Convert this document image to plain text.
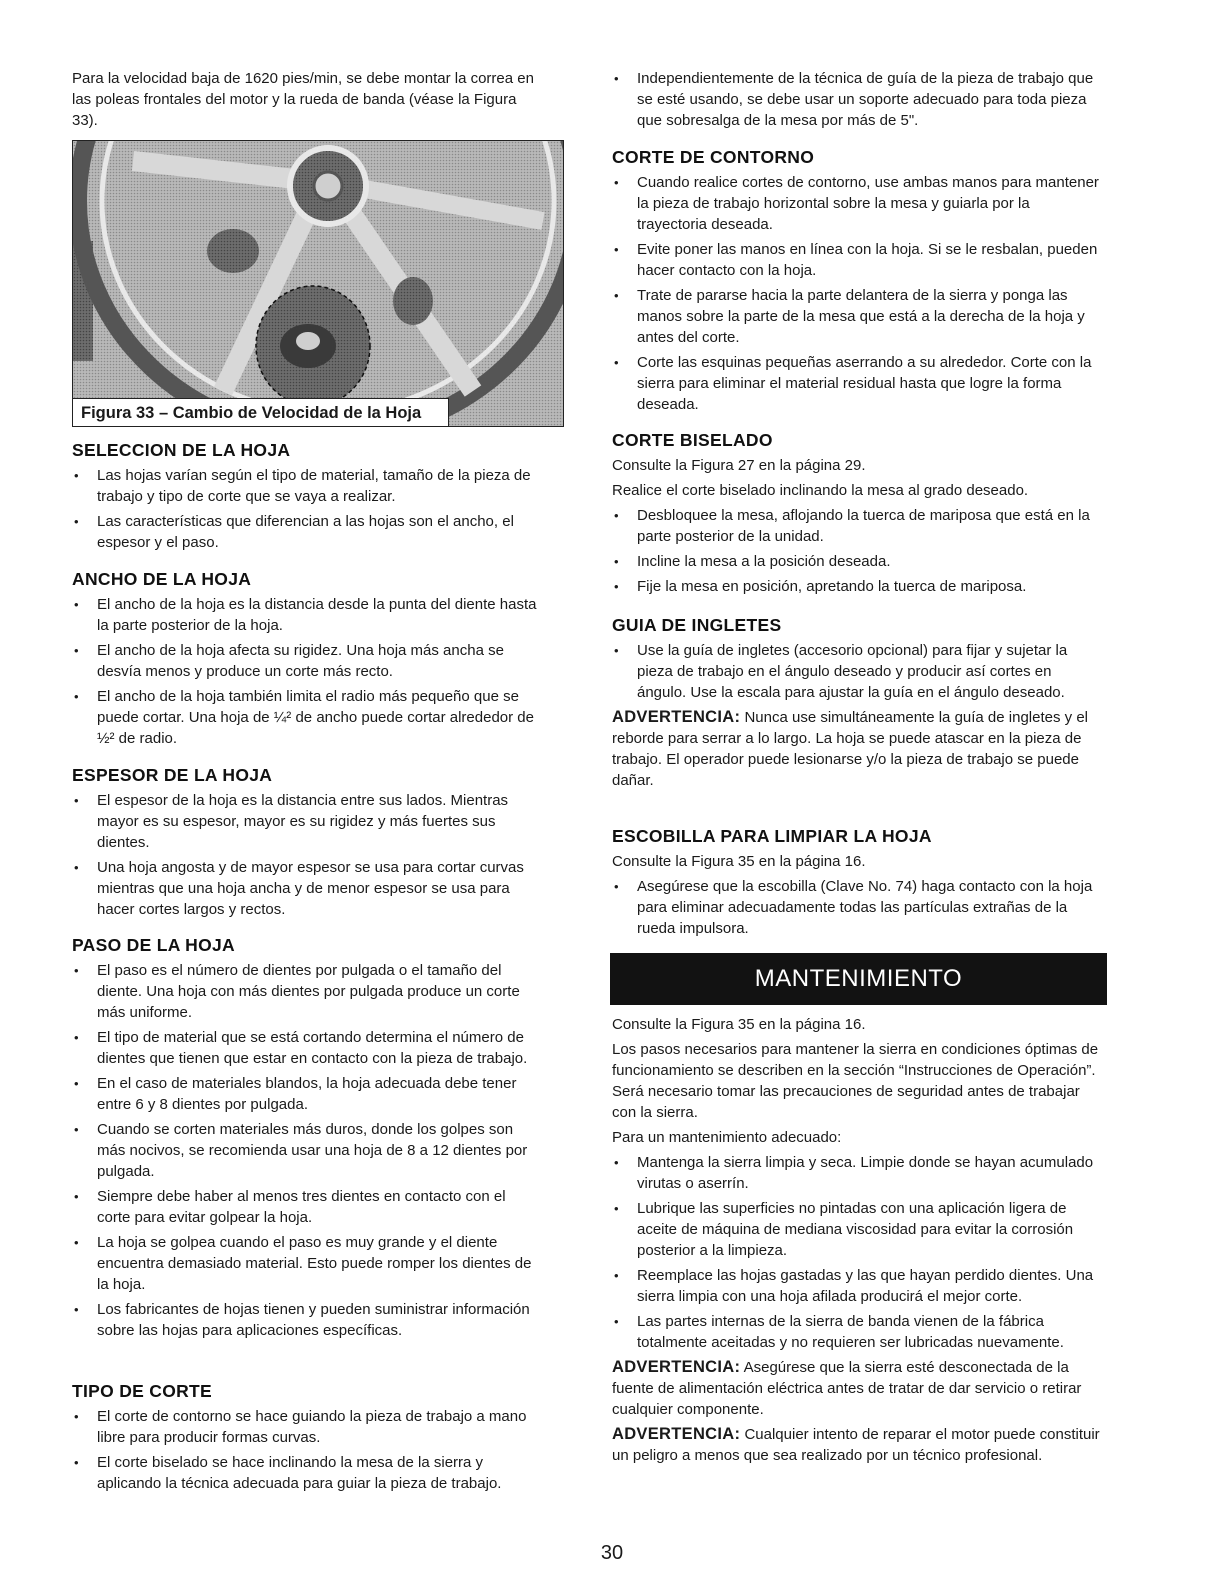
Para la velocidad baja de 1620 pies/min, se debe montar la correa en las poleas frontales del motor y la rueda de banda (véase la Figura 33).

Figura 33 – Cambio de Velocidad de la Hoja
SELECCION DE LA HOJA
• Las hojas varían según el tipo de material, tamaño de la pieza de trabajo y tipo de corte que se vaya a realizar.
• Las características que diferencian a las hojas son el ancho, el espesor y el paso.
ANCHO DE LA HOJA
• El ancho de la hoja es la distancia desde la punta del diente hasta la parte posterior de la hoja.
• El ancho de la hoja afecta su rigidez. Una hoja más ancha se desvía menos y produce un corte más recto.
• El ancho de la hoja también limita el radio más pequeño que se puede cortar. Una hoja de ¼² de ancho puede cortar alrededor de ½² de radio.
ESPESOR DE LA HOJA
• El espesor de la hoja es la distancia entre sus lados. Mientras mayor es su espesor, mayor es su rigidez y más fuertes sus dientes.
• Una hoja angosta y de mayor espesor se usa para cortar curvas mientras que una hoja ancha y de menor espesor se usa para hacer cortes largos y rectos.
PASO DE LA HOJA
• El paso es el número de dientes por pulgada o el tamaño del diente. Una hoja con más dientes por pulgada produce un corte más uniforme.
• El tipo de material que se está cortando determina el número de dientes que tienen que estar en contacto con la pieza de trabajo.
• En el caso de materiales blandos, la hoja adecuada debe tener entre 6 y 8 dientes por pulgada.
• Cuando se corten materiales más duros, donde los golpes son más nocivos, se recomienda usar una hoja de 8 a 12 dientes por pulgada.
• Siempre debe haber al menos tres dientes en contacto con el corte para evitar golpear la hoja.
• La hoja se golpea cuando el paso es muy grande y el diente encuentra demasiado material. Esto puede romper los dientes de la hoja.
• Los fabricantes de hojas tienen y pueden suministrar información sobre las hojas para aplicaciones específicas.
TIPO DE CORTE
• El corte de contorno se hace guiando la pieza de trabajo a mano libre para producir formas curvas.
• El corte biselado se hace inclinando la mesa de la sierra y aplicando la técnica adecuada para guiar la pieza de trabajo.
• Independientemente de la técnica de guía de la pieza de trabajo que se esté usando, se debe usar un soporte adecuado para toda pieza que sobresalga de la mesa por más de 5".
CORTE DE CONTORNO
• Cuando realice cortes de contorno, use ambas manos para mantener la pieza de trabajo horizontal sobre la mesa y guiarla por la trayectoria deseada.
• Evite poner las manos en línea con la hoja. Si se le resbalan, pueden hacer contacto con la hoja.
• Trate de pararse hacia la parte delantera de la sierra y ponga las manos sobre la parte de la mesa que está a la derecha de la hoja y antes del corte.
• Corte las esquinas pequeñas aserrando a su alrededor. Corte con la sierra para eliminar el material residual hasta que logre la forma deseada.
CORTE BISELADO

Consulte la Figura 27 en la página 29.

Realice el corte biselado inclinando la mesa al grado deseado.

• Desbloquee la mesa, aflojando la tuerca de mariposa que está en la parte posterior de la unidad.
• Incline la mesa a la posición deseada.
• Fije la mesa en posición, apretando la tuerca de mariposa.
GUIA DE INGLETES
• Use la guía de ingletes (accesorio opcional) para fijar y sujetar la pieza de trabajo en el ángulo deseado y producir así cortes en ángulo. Use la escala para ajustar la guía en el ángulo deseado.

ADVERTENCIA: Nunca use simultáneamente la guía de ingletes y el reborde para serrar a lo largo. La hoja se puede atascar en la pieza de trabajo. El operador puede lesionarse y/o la pieza de trabajo se puede dañar.

ESCOBILLA PARA LIMPIAR LA HOJA

Consulte la Figura 35 en la página 16.

• Asegúrese que la escobilla (Clave No. 74) haga contacto con la hoja para eliminar adecuadamente todas las partículas extrañas de la rueda impulsora.
MANTENIMIENTO

Consulte la Figura 35 en la página 16.

Los pasos necesarios para mantener la sierra en condiciones óptimas de funcionamiento se describen en la sección “Instrucciones de Operación”. Será necesario tomar las precauciones de seguridad antes de trabajar con la sierra.

Para un mantenimiento adecuado:

• Mantenga la sierra limpia y seca. Limpie donde se hayan acumulado virutas o aserrín.
• Lubrique las superficies no pintadas con una aplicación ligera de aceite de máquina de mediana viscosidad para evitar la corrosión posterior a la limpieza.
• Reemplace las hojas gastadas y las que hayan perdido dientes. Una sierra limpia con una hoja afilada producirá el mejor corte.
• Las partes internas de la sierra de banda vienen de la fábrica totalmente aceitadas y no requieren ser lubricadas nuevamente.

ADVERTENCIA: Asegúrese que la sierra esté desconectada de la fuente de alimentación eléctrica antes de tratar de dar servicio o retirar cualquier componente.

ADVERTENCIA: Cualquier intento de reparar el motor puede constituir un peligro a menos que sea realizado por un técnico profesional.

30
